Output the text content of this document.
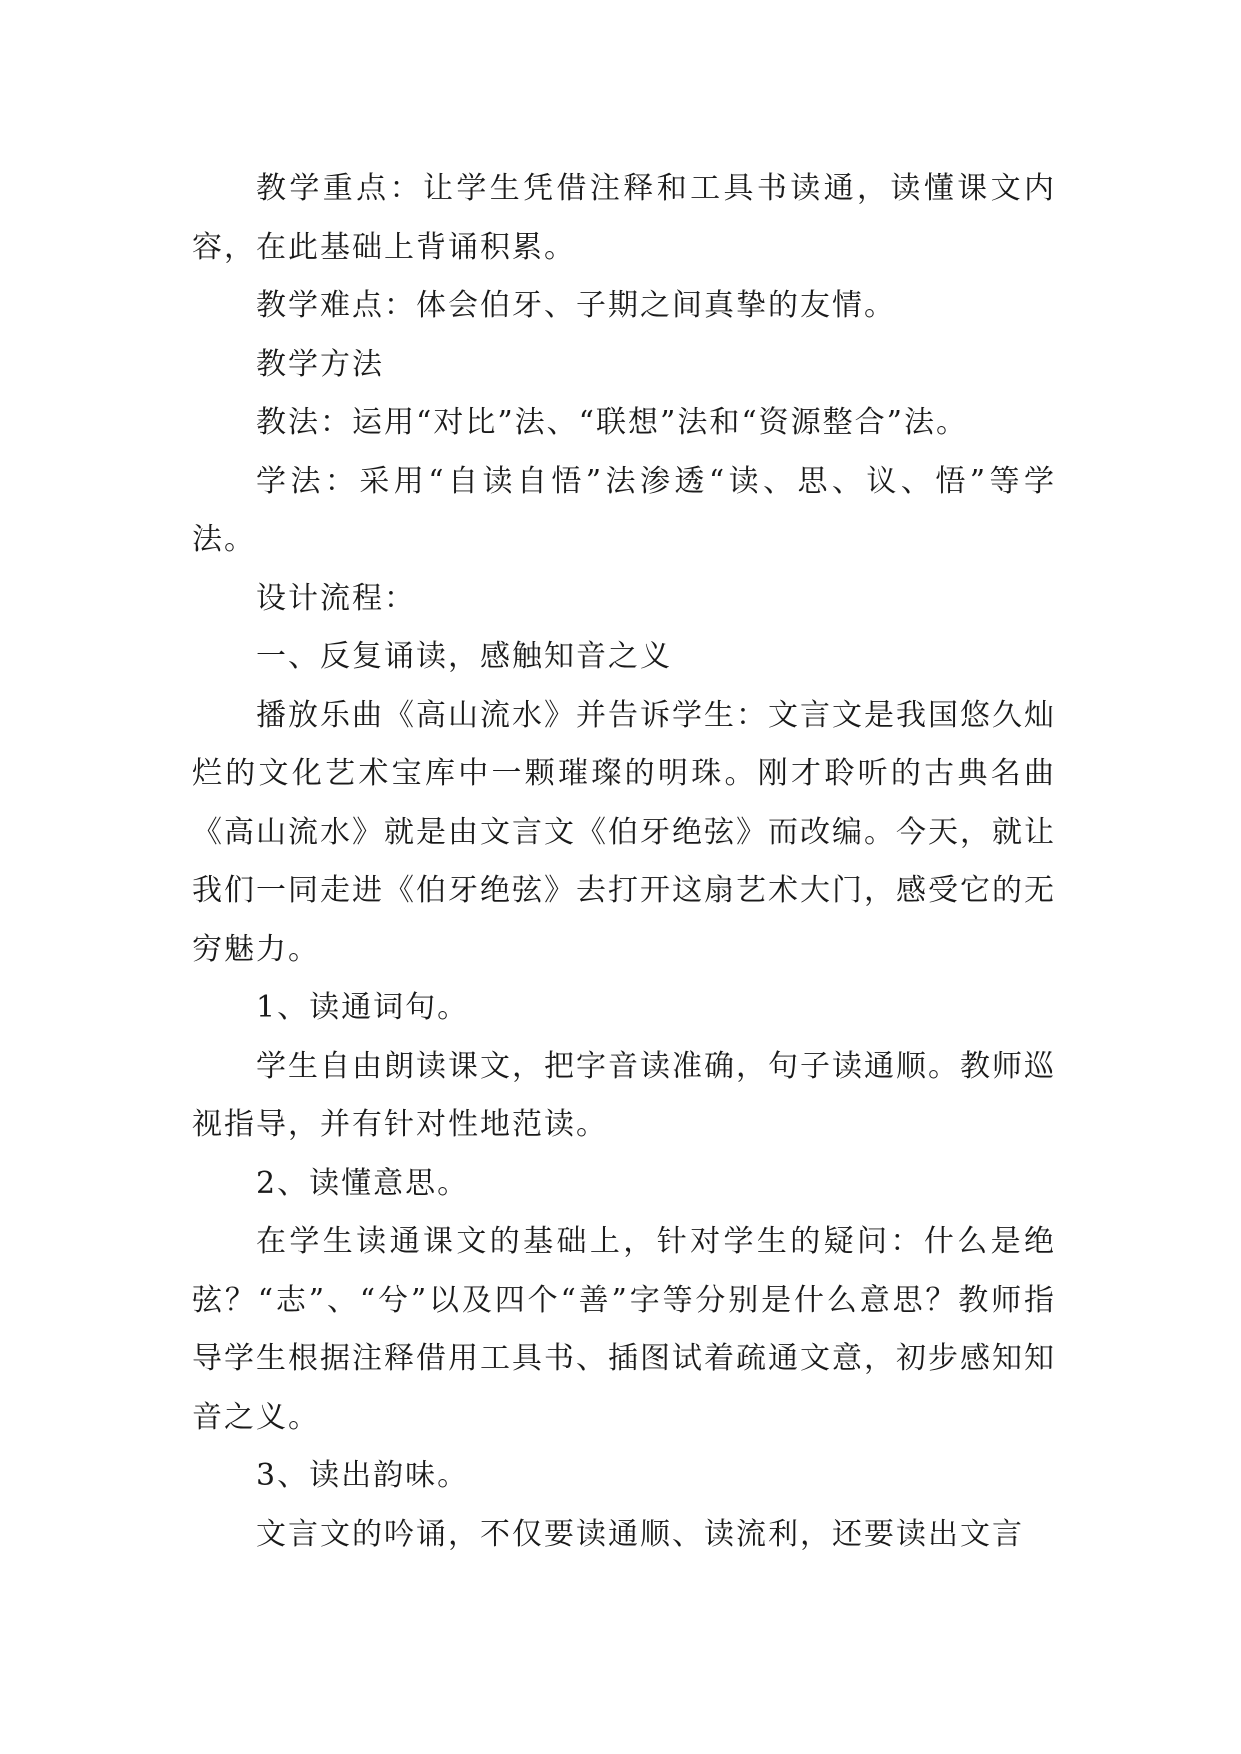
教学重点：让学生凭借注释和工具书读通，读懂课文内容，在此基础上背诵积累。

教学难点：体会伯牙、子期之间真挚的友情。

教学方法

教法：运用“对比”法、“联想”法和“资源整合”法。

学法：采用“自读自悟”法渗透“读、思、议、悟”等学法。

设计流程：

一、反复诵读，感触知音之义

播放乐曲《高山流水》并告诉学生：文言文是我国悠久灿烂的文化艺术宝库中一颗璀璨的明珠。刚才聆听的古典名曲《高山流水》就是由文言文《伯牙绝弦》而改编。今天，就让我们一同走进《伯牙绝弦》去打开这扇艺术大门，感受它的无穷魅力。

1、读通词句。

学生自由朗读课文，把字音读准确，句子读通顺。教师巡视指导，并有针对性地范读。

2、读懂意思。

在学生读通课文的基础上，针对学生的疑问：什么是绝弦？“志”、“兮”以及四个“善”字等分别是什么意思？教师指导学生根据注释借用工具书、插图试着疏通文意，初步感知知音之义。

3、读出韵味。

文言文的吟诵，不仅要读通顺、读流利，还要读出文言
